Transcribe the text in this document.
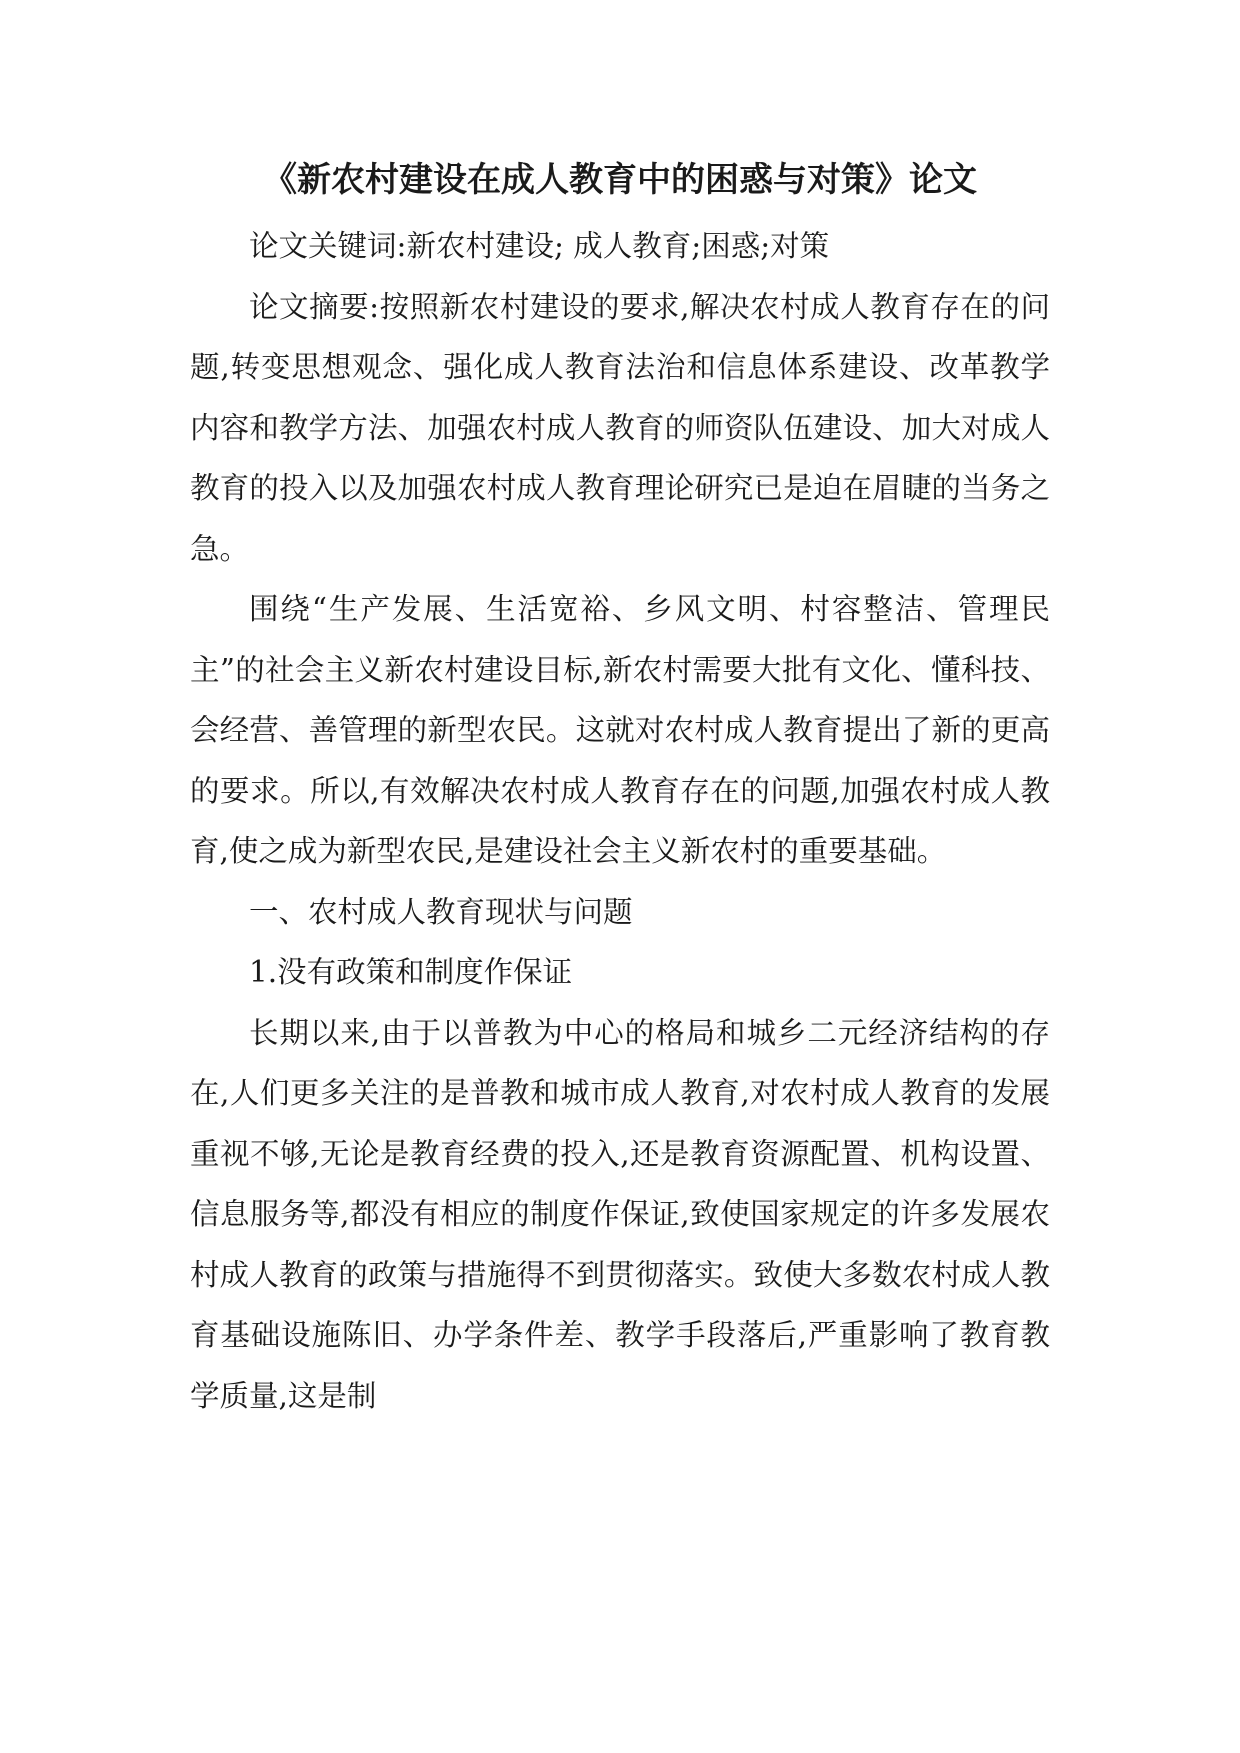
《新农村建设在成人教育中的困惑与对策》论文

论文关键词:新农村建设; 成人教育;困惑;对策

论文摘要:按照新农村建设的要求,解决农村成人教育存在的问题,转变思想观念、强化成人教育法治和信息体系建设、改革教学内容和教学方法、加强农村成人教育的师资队伍建设、加大对成人教育的投入以及加强农村成人教育理论研究已是迫在眉睫的当务之急。

围绕“生产发展、生活宽裕、乡风文明、村容整洁、管理民主”的社会主义新农村建设目标,新农村需要大批有文化、懂科技、会经营、善管理的新型农民。这就对农村成人教育提出了新的更高的要求。所以,有效解决农村成人教育存在的问题,加强农村成人教育,使之成为新型农民,是建设社会主义新农村的重要基础。

一、农村成人教育现状与问题

1.没有政策和制度作保证

长期以来,由于以普教为中心的格局和城乡二元经济结构的存在,人们更多关注的是普教和城市成人教育,对农村成人教育的发展重视不够,无论是教育经费的投入,还是教育资源配置、机构设置、信息服务等,都没有相应的制度作保证,致使国家规定的许多发展农村成人教育的政策与措施得不到贯彻落实。致使大多数农村成人教育基础设施陈旧、办学条件差、教学手段落后,严重影响了教育教学质量,这是制
